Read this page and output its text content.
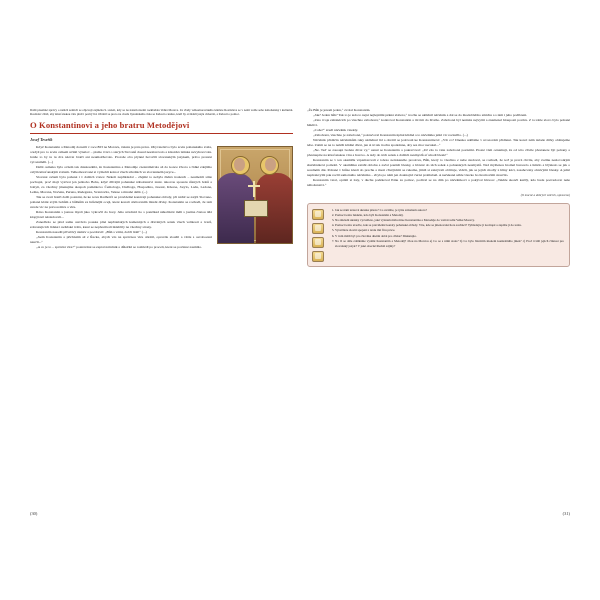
Další písemné zprávy o našich zemích se objevují zejména 9. století, kdy se na našem území rozkládala Velká Morava. Za vlády velkomoravského knížete Rostislava se v zemi vedle sebe nabožensky i kulturně. Rostislav chtěl, aby křesťanskou víru plnil i pevný lid. Obrátil se proto na císaře byzantského Jana se žádostí o kněze, kteří by ovládali jazyk církevní, a žádosti o pomoc.
O Konstantinovi a jeho bratru Metodějovi
Josef Teseřík

Když Konstantin a Metoděj dorazili v roce 863 na Moravu, čekala je pára práce. Obyvatelstvo bylo zcela pohanského světa, a když pro to zcela celkem učinil výnalov – pismo tvrzí o starých Slovanů dosud neexistovalo a klasická latinka nevyhovovala. Jenže to by tu tu dva názvat bratři ani neumožňovalo. Protože oba plynně hovořili slovanským jazykem, právo pronést vyrozuměli. (...)

Další osmaka byla ovšem tak dalekosáhlá, že Konstantina a Metoděje czeznámávala až do konce života a řídké zdejšího celým křesťanským světem. Velkomoravané si vymohli koinoi všech středních ve slovanském jazyce...

Slované ovšem byla pohané i v dalších vrstev. Několi napříkladal – zřejmě to nebyla žádná troskách – neumohli stále pochopit, proč mají vyzívat jen jednoho Boha, když dřívější pohanské náboženství znalo takovou spoustu různých bohů a bohyň, za všechny jmenujme alespoň památkovo Čemoboga, Dažboga, Hospodina, Jasoně, Khorse, Jarylo, Ladu, Ladona, Leška, Morana, Nočenu, Peruna, Radegasta, Svantovita, Velese a mnohé další. (...)

Tak se svatí bratři došli poznání, že ke novu Radhošťi se pravidelně konávají pohanské obřady, při nichž se zatýti Slovane-pohané klání svým bohům a bůžkům za hrůznější oceji, které konali obětovaním mladé dívky. Konstantin se rozhodl, že tam uvede víc na pravou míru a víru.

Ráno Konstantin s jasnou myslí jako vykročil do hory. Jeho učedníci ho s ponělkad několikrát měli s jastina částou tělá klopýtavě následovali...

Zanedbolo se před samu otevřelo pouska plná nepřátelských kamenných a dřevěných sošek všech velikostí a tvarů, zobrazujících lidské i nelidské tváře, které se nepřestávali škleblily na všechny strany.

Konstantin nasadil přívětivý úsměv a pozdravil: „Bůh s vámi, dobří lidé!“ (...)

„Jsem Konstantin a přicházím až z Řecka, abych vás na správnou víru obrátil, opravdu sloužil a vášle s osvobození naučil...“

„A co je to – správná víra?“ poznáváné se zeptal náčelník a důležitě se rozhlédl po proceli, které se povinné zasmálo.

„Že Bůh je jenom jeden,“ zvolal Konstantin.

„Jak? Jeden bůh? Tak to je teda to nejsi nejlepšími pěkná slabota,“ trochu se uklidnil náčelník a dal se do škodoblebho smíchu a s ním i jeho podřízení.

„Zato tvoje zaháněcích po všechno zaboboná,“ kontroval Konstantin a tál tím do živého. Zaboboná byl neúnita nejvyšší a znamenal hlouposti pověru. Z ta tohle slovo bylo pohaně háklivi.

„Cože?“ zrudl náčelník vztekly.

„Zaboboná, všechno je zaboboná,“ pokračoval Konstantin úplně klidně a to náčelníka ještě víc rozzuřilo. (...)

Náčelník přidáčin náčelníkům ruky ukládnul lid a obrátil se jedovatě ke Konstantinovi: „Víš co? Dneska uděláme v uvozovém přidánut. Tak koncí nám úslade dičky obětujeme tebe. Zatím se na to nalěží klidně dívat, jen si tě tak trochu spontánne, aby ses moc necukal...“

„Ne. Ted' se zasoupí bodete dívat vy,“ usnul se Konstantin a pokračoval: „Už zás ta vaše zaboboná poznámí. Prosté vám oznamuji, že od této chvíle přestanete být pohany a přestaupite na křesťanskou víru a hotovo. A tady do těch sošek a dalších nesmyslů ať uhodí blesk!“

Konstantin se v ten okamžik vzpamatovali z tohoto nečekaného proslovu, Bůh, který to všechno z nebe sledoval, se rozhodl, že ted' je pravá chvíle, aby svému neslovotkým služebníkovi pomohl. V okamžiku zatáhl oblohu a začal pouštět blesky, a hlavně do těch sošek a pohanských nesmyslů. Nad myšlenou hromel buracelo a hmělo a blýskalo se jak o soudném dni. Pohané v hrůze klesli do prachu a mezi chvějícími se rukama, jimiž si zakrývali obličeje, viděli, jak se jejich modly z hlíny kácí, zasahovány ohnivými blesky. A ještě nepřeskvyšší pak rozlil samotného náčelníka – zbyla po něm jen doutnající černá prohlubeň. A nečekané sáhle všecko ho hromovími sloučilo.

Konstantin vstal, opráhl si šaty, v duchu poděkoval Pánu za pomoc, podíval se na dim po náčelníkovi a pokýval hlavou: „Takhle skončí každý, kdo bude pozvedovat naše náboženství.“

(O mocné a dobrých válcích, upraveno)
1. Jak se nám textová ukázka píšeto? Co uvádíte, je tyšte zálomem autora?
2. Pomocí textu řekněte, kdo byli Konstantin a Metoděj.
3. Na základě ukázky vysvětlete, jaké význam měla mise Konstantina a Metoděje do vaší úvodní Velké Moravy.
4. Pomocí textu uveďte, kde se pravidelně konaly pohanské obřady. Víte, kde se jmenovaná hora zachází? Vyhledejte ji na mapě a zapište ji do textu.
5. Vysvětlete slovní spojení z textu mít firu práce.
6. V čem míšlí byl pro člověka dnešní době pro dívku? Diskutujte.
7. Na čí se dále zdálkáme vydání Konstantin a Metoděj? Jdou na Moravu a) Co se s nimi stalo? b) Co bylo hlavním úkolem konkrétního jmen? c) Proč tvrdil jejich činnost pro slovanský jazyk? V jaké obecně hledali zájmy?
(30)	(31)
